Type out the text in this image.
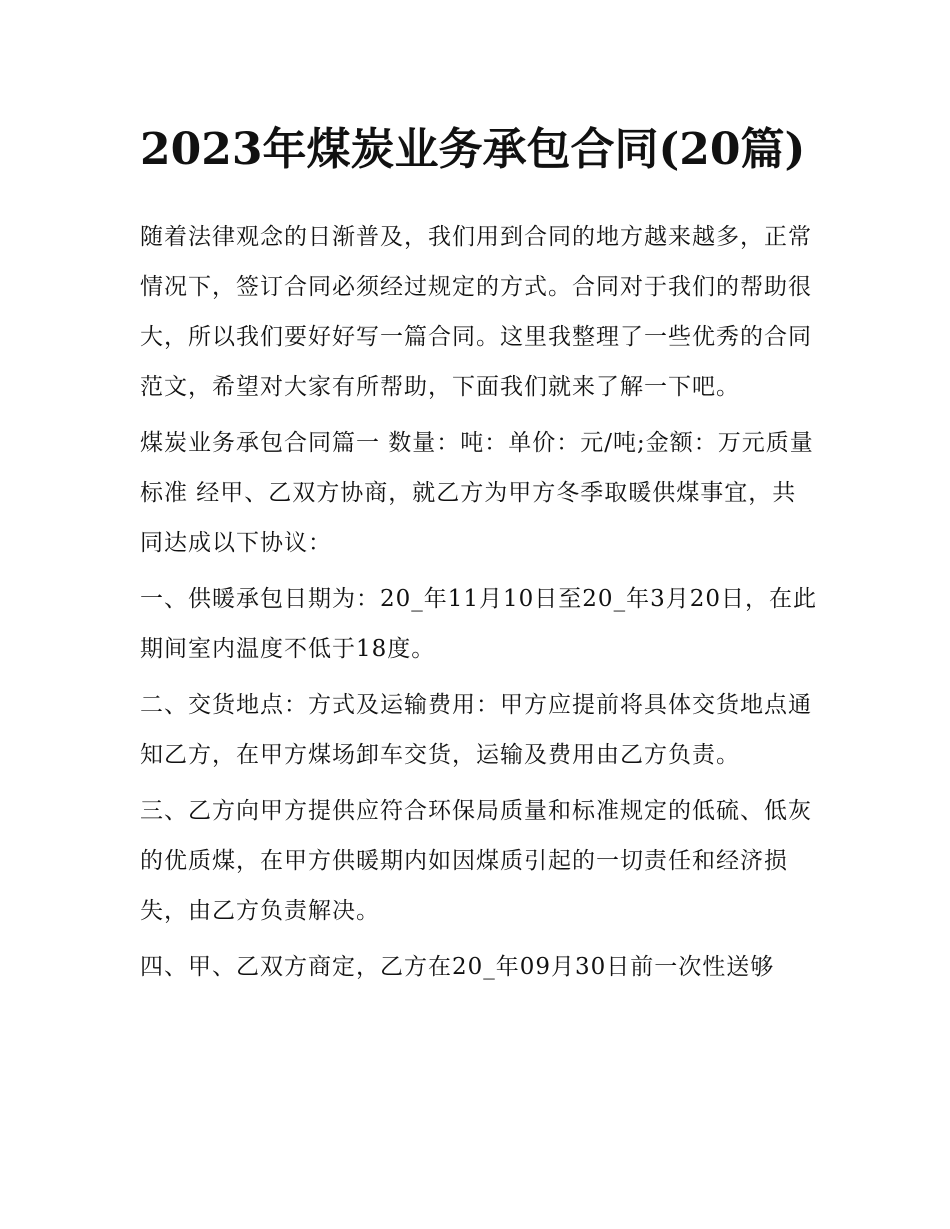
2023年煤炭业务承包合同(20篇)

随着法律观念的日渐普及，我们用到合同的地方越来越多，正常情况下，签订合同必须经过规定的方式。合同对于我们的帮助很大，所以我们要好好写一篇合同。这里我整理了一些优秀的合同范文，希望对大家有所帮助，下面我们就来了解一下吧。

煤炭业务承包合同篇一 数量：吨：单价：元/吨;金额：万元质量标准 经甲、乙双方协商，就乙方为甲方冬季取暖供煤事宜，共同达成以下协议：

一、供暖承包日期为：20_年11月10日至20_年3月20日，在此期间室内温度不低于18度。

二、交货地点：方式及运输费用：甲方应提前将具体交货地点通知乙方，在甲方煤场卸车交货，运输及费用由乙方负责。

三、乙方向甲方提供应符合环保局质量和标准规定的低硫、低灰的优质煤，在甲方供暖期内如因煤质引起的一切责任和经济损失，由乙方负责解决。

四、甲、乙双方商定，乙方在20_年09月30日前一次性送够
